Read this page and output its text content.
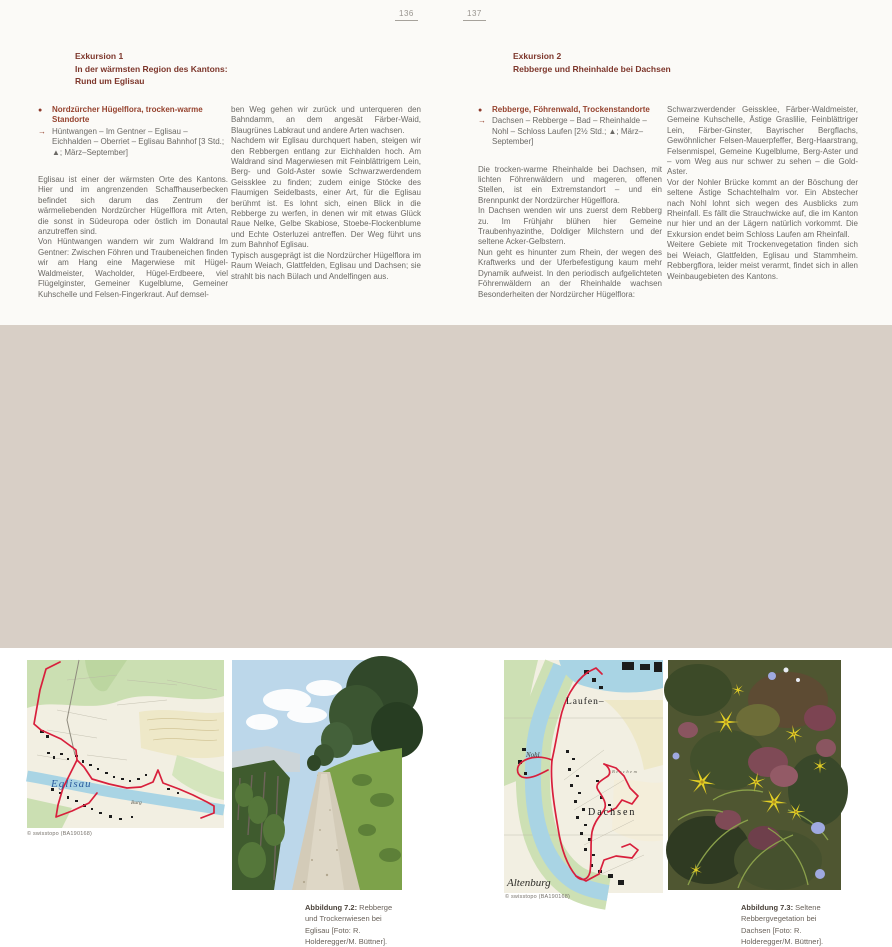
136	137
Exkursion 1
In der wärmsten Region des Kantons:
Rund um Eglisau
● Nordzürcher Hügelflora, trocken-warme Standorte
→ Hüntwangen – Im Gentner – Eglisau – Eichhalden – Oberriet – Eglisau Bahnhof [3 Std.; ▲; März–September]

Eglisau ist einer der wärmsten Orte des Kantons. Hier und im angrenzenden Schaffhauserbecken befindet sich darum das Zentrum der wärmeliebenden Nordzürcher Hügelflora mit Arten, die sonst in Südeuropa oder östlich im Donautal anzutreffen sind.

Von Hüntwangen wandern wir zum Waldrand Im Gentner: Zwischen Föhren und Traubeneichen finden wir am Hang eine Magerwiese mit Hügel-Waldmeister, Wacholder, Hügel-Erdbeere, viel Flügelginster, Gemeiner Kugelblume, Gemeiner Kuhschelle und Felsen-Fingerkraut. Auf demsel-

ben Weg gehen wir zurück und unterqueren den Bahndamm, an dem angesät Färber-Waid, Blaugrünes Labkraut und andere Arten wachsen.

Nachdem wir Eglisau durchquert haben, steigen wir den Rebbergen entlang zur Eichhalden hoch. Am Waldrand sind Magerwiesen mit Feinblättrigem Lein, Berg- und Gold-Aster sowie Schwarzwerdendem Geissklee zu finden; zudem einige Stöcke des Flaumigen Seidelbasts, einer Art, für die Eglisau berühmt ist. Es lohnt sich, einen Blick in die Rebberge zu werfen, in denen wir mit etwas Glück Raue Nelke, Gelbe Skabiose, Stoebe-Flockenblume und Echte Osterluzei antreffen. Der Weg führt uns zum Bahnhof Eglisau.

Typisch ausgeprägt ist die Nordzürcher Hügelflora im Raum Weiach, Glattfelden, Eglisau und Dachsen; sie strahlt bis nach Bülach und Andelfingen aus.

Exkursion 2
Rebberge und Rheinhalde bei Dachsen
● Rebberge, Föhrenwald, Trockenstandorte
→ Dachsen – Rebberge – Bad – Rheinhalde – Nohl – Schloss Laufen [2½ Std.; ▲; März–September]

Die trocken-warme Rheinhalde bei Dachsen, mit lichten Föhrenwäldern und mageren, offenen Stellen, ist ein Extremstandort – und ein Brennpunkt der Nordzürcher Hügelflora.

In Dachsen wenden wir uns zuerst dem Rebberg zu. Im Frühjahr blühen hier Gemeine Traubenhyazinthe, Doldiger Milchstern und der seltene Acker-Gelbstern.

Nun geht es hinunter zum Rhein, der wegen des Kraftwerks und der Uferbefestigung kaum mehr Dynamik aufweist. In den periodisch aufgelichteten Föhrenwäldern an der Rheinhalde wachsen Besonderheiten der Nordzürcher Hügelflora:

Schwarzwerdender Geissklee, Färber-Waldmeister, Gemeine Kuhschelle, Ästige Graslilie, Feinblättriger Lein, Färber-Ginster, Bayrischer Bergflachs, Gewöhnlicher Felsen-Mauerpfeffer, Berg-Haarstrang, Felsenmispel, Gemeine Kugelblume, Berg-Aster und – vom Weg aus nur schwer zu sehen – die Gold-Aster.

Vor der Nohler Brücke kommt an der Böschung der seltene Ästige Schachtelhalm vor. Ein Abstecher nach Nohl lohnt sich wegen des Ausblicks zum Rheinfall. Es fällt die Strauchwicke auf, die im Kanton nur hier und an der Lägern natürlich vorkommt. Die Exkursion endet beim Schloss Laufen am Rheinfall.

Weitere Gebiete mit Trockenvegetation finden sich bei Weiach, Glattfelden, Eglisau und Stammheim. Rebbergflora, leider meist verarmt, findet sich in allen Weinbaugebieten des Kantons.

Eglisau
Burg
Laufen–
Nohl
Berchem
Dachsen
Altenburg
© swisstopo (BA190168)
© swisstopo (BA190168)
Abbildung 7.2: Rebberge und Trockenwiesen bei Eglisau [Foto: R. Holderegger/M. Büttner].
Abbildung 7.3: Seltene Rebbergvegetation bei Dachsen [Foto: R. Holderegger/M. Büttner].
